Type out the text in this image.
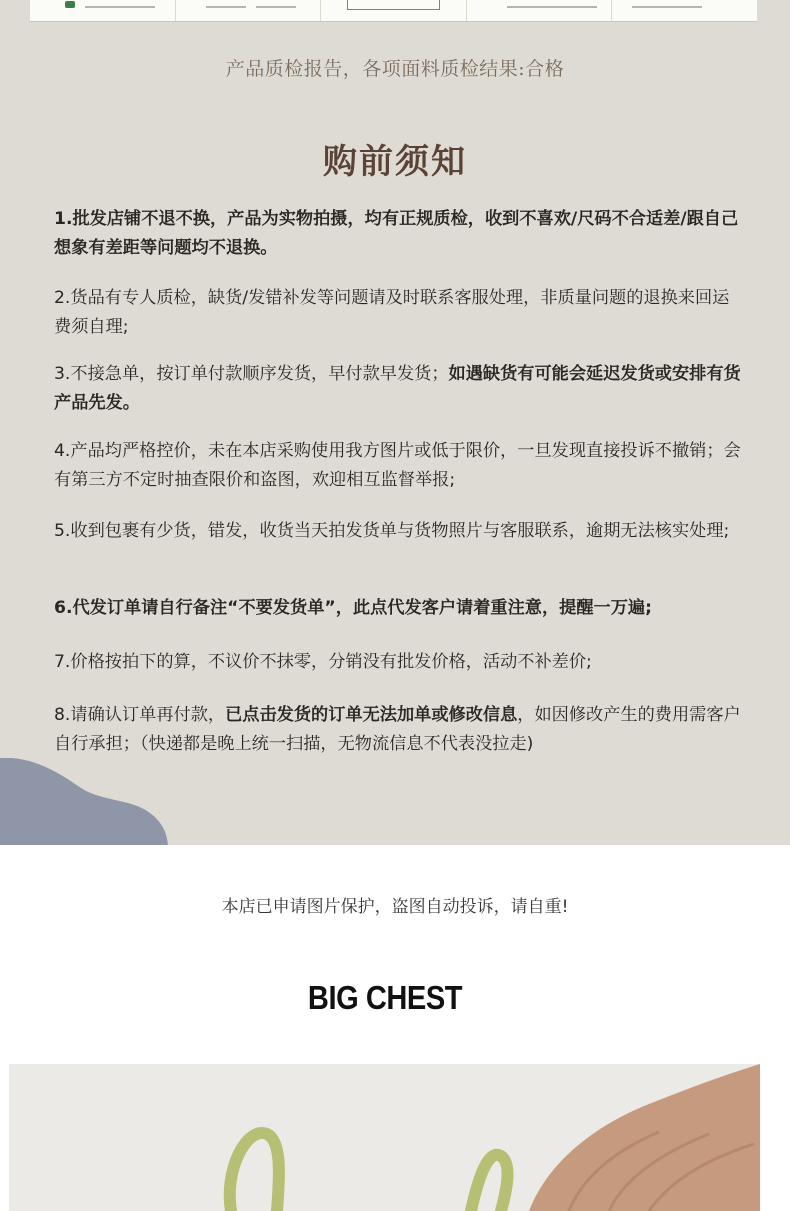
产品质检报告，各项面料质检结果:合格
购前须知
1.批发店铺不退不换，产品为实物拍摄，均有正规质检，收到不喜欢/尺码不合适差/跟自己想象有差距等问题均不退换。
2.货品有专人质检，缺货/发错补发等问题请及时联系客服处理，非质量问题的退换来回运费须自理;
3.不接急单，按订单付款顺序发货，早付款早发货；如遇缺货有可能会延迟发货或安排有货产品先发。
4.产品均严格控价，未在本店采购使用我方图片或低于限价，一旦发现直接投诉不撤销；会有第三方不定时抽查限价和盗图，欢迎相互监督举报;
5.收到包裹有少货，错发，收货当天拍发货单与货物照片与客服联系，逾期无法核实处理;
6.代发订单请自行备注“不要发货单”，此点代发客户请着重注意，提醒一万遍;
7.价格按拍下的算，不议价不抹零，分销没有批发价格，活动不补差价;
8.请确认订单再付款，已点击发货的订单无法加单或修改信息，如因修改产生的费用需客户自行承担；（快递都是晚上统一扫描，无物流信息不代表没拉走)
本店已申请图片保护，盗图自动投诉，请自重!
BIG CHEST
